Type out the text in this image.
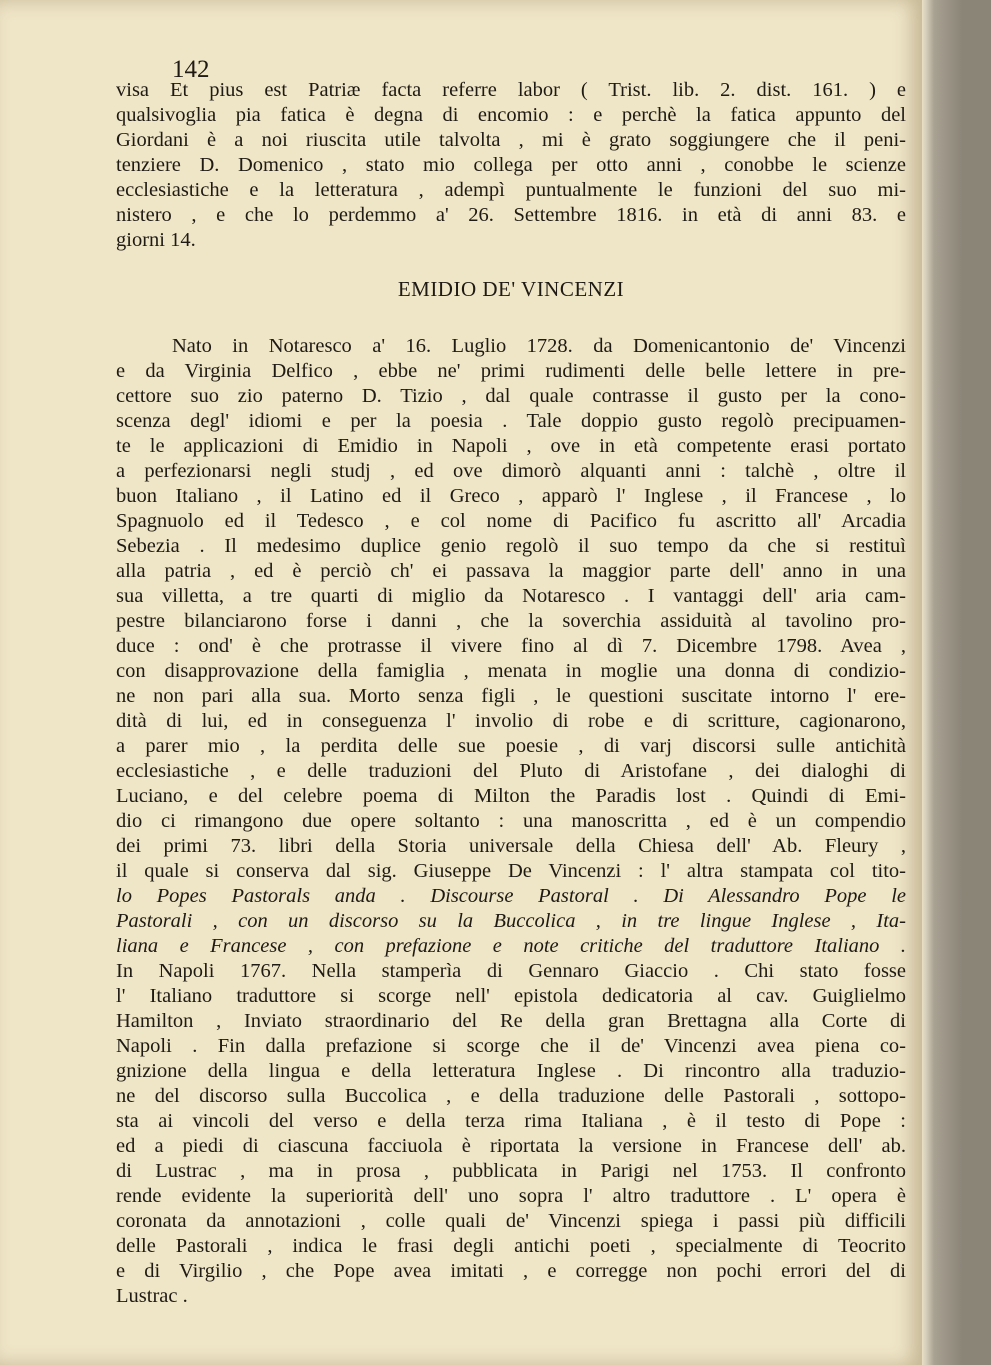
142
visa Et pius est Patriæ facta referre labor ( Trist. lib. 2. dist. 161. ) e
qualsivoglia pia fatica è degna di encomio : e perchè la fatica appunto del
Giordani è a noi riuscita utile talvolta , mi è grato soggiungere che il peni-
tenziere D. Domenico , stato mio collega per otto anni , conobbe le scienze
ecclesiastiche e la letteratura , adempì puntualmente le funzioni del suo mi-
nistero , e che lo perdemmo a' 26. Settembre 1816. in età di anni 83. e
giorni 14.
EMIDIO DE' VINCENZI
Nato in Notaresco a' 16. Luglio 1728. da Domenicantonio de' Vincenzi
e da Virginia Delfico , ebbe ne' primi rudimenti delle belle lettere in pre-
cettore suo zio paterno D. Tizio , dal quale contrasse il gusto per la cono-
scenza degl' idiomi e per la poesia . Tale doppio gusto regolò precipuamen-
te le applicazioni di Emidio in Napoli , ove in età competente erasi portato
a perfezionarsi negli studj , ed ove dimorò alquanti anni : talchè , oltre il
buon Italiano , il Latino ed il Greco , apparò l' Inglese , il Francese , lo
Spagnuolo ed il Tedesco , e col nome di Pacifico fu ascritto all' Arcadia
Sebezia . Il medesimo duplice genio regolò il suo tempo da che si restituì
alla patria , ed è perciò ch' ei passava la maggior parte dell' anno in una
sua villetta, a tre quarti di miglio da Notaresco . I vantaggi dell' aria cam-
pestre bilanciarono forse i danni , che la soverchia assiduità al tavolino pro-
duce : ond' è che protrasse il vivere fino al dì 7. Dicembre 1798. Avea ,
con disapprovazione della famiglia , menata in moglie una donna di condizio-
ne non pari alla sua. Morto senza figli , le questioni suscitate intorno l' ere-
dità di lui, ed in conseguenza l' involio di robe e di scritture, cagionarono,
a parer mio , la perdita delle sue poesie , di varj discorsi sulle antichità
ecclesiastiche , e delle traduzioni del Pluto di Aristofane , dei dialoghi di
Luciano, e del celebre poema di Milton the Paradis lost . Quindi di Emi-
dio ci rimangono due opere soltanto : una manoscritta , ed è un compendio
dei primi 73. libri della Storia universale della Chiesa dell' Ab. Fleury ,
il quale si conserva dal sig. Giuseppe De Vincenzi : l' altra stampata col tito-
lo Popes Pastorals anda . Discourse Pastoral . Di Alessandro Pope le
Pastorali , con un discorso su la Buccolica , in tre lingue Inglese , Ita-
liana e Francese , con prefazione e note critiche del traduttore Italiano .
In Napoli 1767. Nella stamperìa di Gennaro Giaccio . Chi stato fosse
l' Italiano traduttore si scorge nell' epistola dedicatoria al cav. Guiglielmo
Hamilton , Inviato straordinario del Re della gran Brettagna alla Corte di
Napoli . Fin dalla prefazione si scorge che il de' Vincenzi avea piena co-
gnizione della lingua e della letteratura Inglese . Di rincontro alla traduzio-
ne del discorso sulla Buccolica , e della traduzione delle Pastorali , sottopo-
sta ai vincoli del verso e della terza rima Italiana , è il testo di Pope :
ed a piedi di ciascuna facciuola è riportata la versione in Francese dell' ab.
di Lustrac , ma in prosa , pubblicata in Parigi nel 1753. Il confronto
rende evidente la superiorità dell' uno sopra l' altro traduttore . L' opera è
coronata da annotazioni , colle quali de' Vincenzi spiega i passi più difficili
delle Pastorali , indica le frasi degli antichi poeti , specialmente di Teocrito
e di Virgilio , che Pope avea imitati , e corregge non pochi errori del di
Lustrac .
